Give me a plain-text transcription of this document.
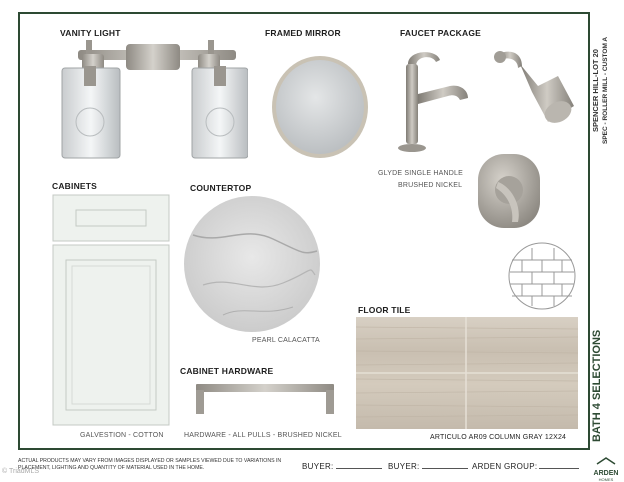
SPENCER HILL-LOT 20 SPEC - ROLLER MILL - CUSTOM A
BATH 4 SELECTIONS
VANITY LIGHT	FRAMED MIRROR	FAUCET PACKAGE
GLYDE SINGLE HANDLE
BRUSHED NICKEL
CABINETS
GALVESTION - COTTON
COUNTERTOP
PEARL CALACATTA
CABINET HARDWARE
HARDWARE - ALL PULLS - BRUSHED NICKEL
FLOOR TILE
ARTICULO AR09 COLUMN GRAY 12X24
ACTUAL PRODUCTS MAY VARY FROM IMAGES DISPLAYED OR SAMPLES VIEWED DUE TO VARIATIONS IN PLACEMENT, LIGHTING AND QUANTITY OF MATERIAL USED IN THE HOME.	BUYER:	BUYER:	ARDEN GROUP:
ARDEN
HOMES
© TriadMLS
